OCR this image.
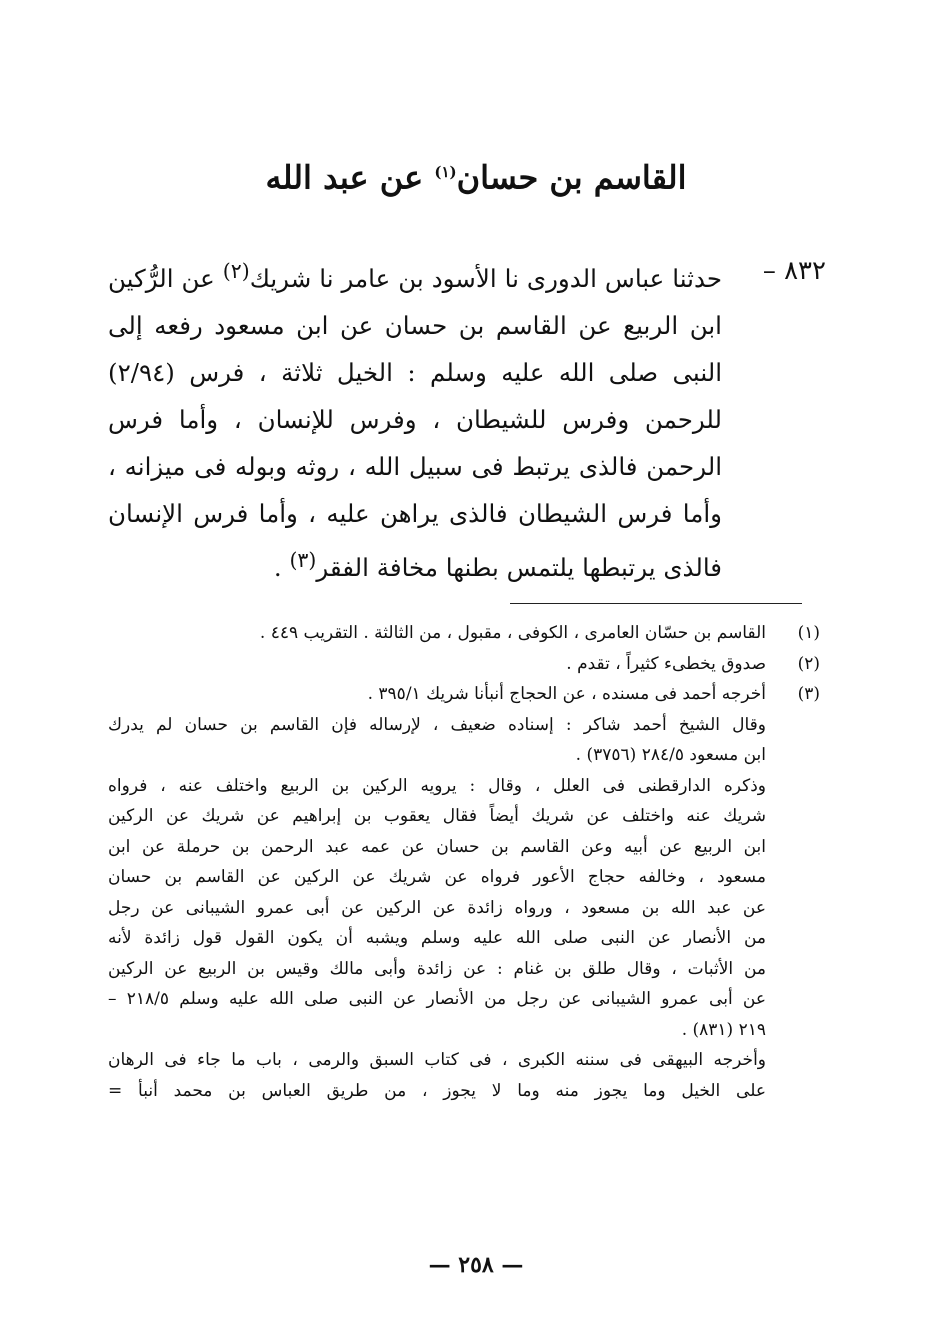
القاسم بن حسان$^{(١)}$ عن عبد الله
٨٣٢ –
حدثنا عباس الدورى نا الأسود بن عامر نا شريك$^{(٢)}$ عن الرُّكين ابن الربيع عن القاسم بن حسان عن ابن مسعود رفعه إلى النبى صلى الله عليه وسلم : الخيل ثلاثة ، فرس (٢/٩٤) للرحمن وفرس للشيطان ، وفرس للإنسان ، وأما فرس الرحمن فالذى يرتبط فى سبيل الله ، روثه وبوله فى ميزانه ، وأما فرس الشيطان فالذى يراهن عليه ، وأما فرس الإنسان فالذى يرتبطها يلتمس بطنها مخافة الفقر$^{(٣)}$ .
(١)
القاسم بن حسّان العامرى ، الكوفى ، مقبول ، من الثالثة . التقريب ٤٤٩ .
(٢)
صدوق يخطىء كثيراً ، تقدم .
(٣)
أخرجه أحمد فى مسنده ، عن الحجاج أنبأنا شريك ٣٩٥/١ .
وقال الشيخ أحمد شاكر : إسناده ضعيف ، لإرساله فإن القاسم بن حسان لم يدرك
ابن مسعود ٢٨٤/٥ (٣٧٥٦) .
وذكره الدارقطنى فى العلل ، وقال : يرويه الركين بن الربيع واختلف عنه ، فرواه
شريك عنه واختلف عن شريك أيضاً فقال يعقوب بن إبراهيم عن شريك عن الركين
ابن الربيع عن أبيه وعن القاسم بن حسان عن عمه عبد الرحمن بن حرملة عن ابن
مسعود ، وخالفه حجاج الأعور فرواه عن شريك عن الركين عن القاسم بن حسان
عن عبد الله بن مسعود ، ورواه زائدة عن الركين عن أبى عمرو الشيبانى عن رجل
من الأنصار عن النبى صلى الله عليه وسلم ويشبه أن يكون القول قول زائدة لأنه
من الأثبات ، وقال طلق بن غنام : عن زائدة وأبى مالك وقيس بن الربيع عن الركين
عن أبى عمرو الشيبانى عن رجل من الأنصار عن النبى صلى الله عليه وسلم ٢١٨/٥ –
٢١٩ (٨٣١) .
وأخرجه البيهقى فى سننه الكبرى ، فى كتاب السبق والرمى ، باب ما جاء فى الرهان
على الخيل وما يجوز منه وما لا يجوز ، من طريق العباس بن محمد أنبأ =
— ٢٥٨ —
